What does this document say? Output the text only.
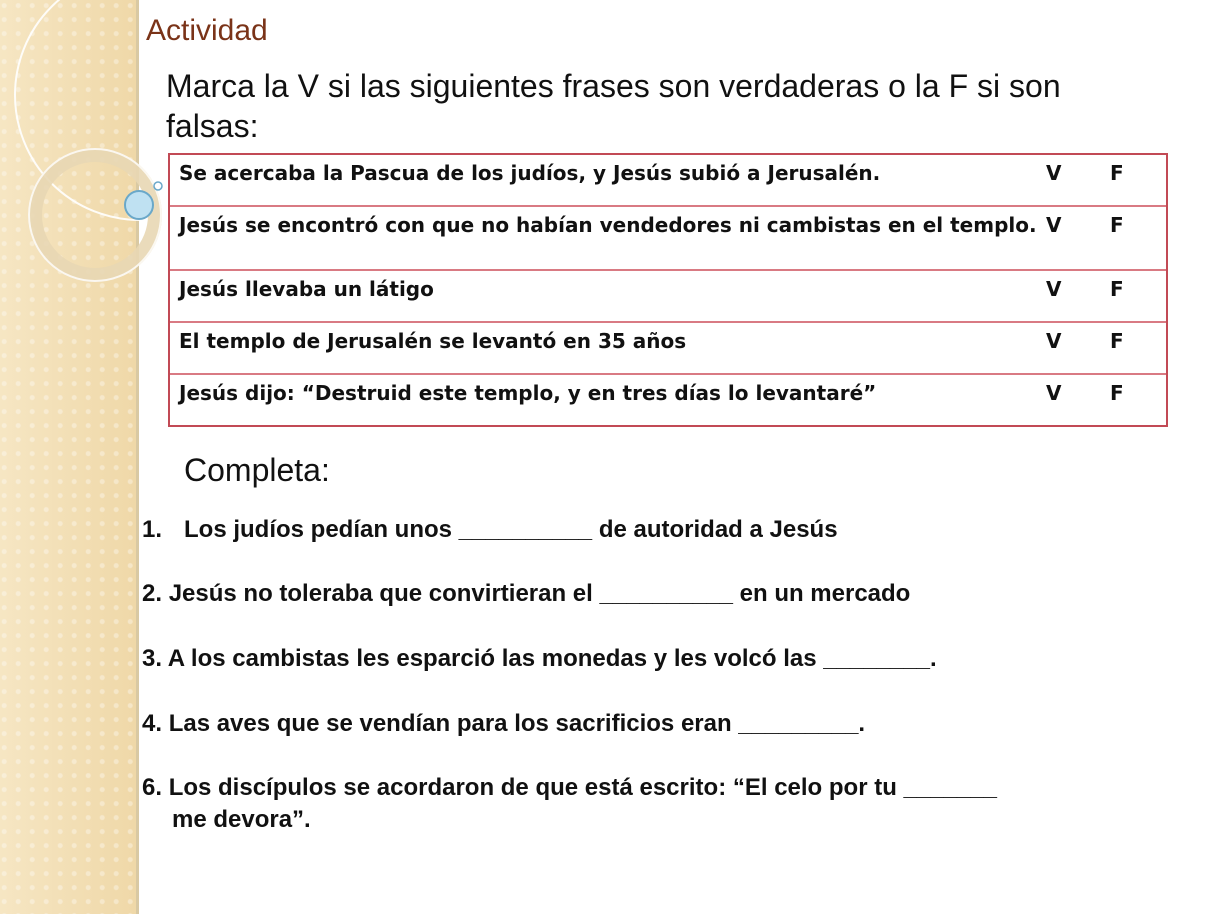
Actividad
Marca la V si las siguientes frases son verdaderas o la F si son falsas:
Se acercaba la Pascua de los judíos, y Jesús subió a Jerusalén.	V F
Jesús se encontró con que no habían vendedores ni cambistas en el templo. V F
Jesús llevaba un látigo	V F
El templo de Jerusalén se levantó en 35 años	V F
Jesús dijo: “Destruid este templo, y en tres días lo levantaré”	V F
Completa:
1. Los judíos pedían unos __________ de autoridad a Jesús
2. Jesús no toleraba que convirtieran el __________ en un mercado
3. A los cambistas les esparció las monedas y les volcó las ________.
4. Las aves que se vendían para los sacrificios eran _________.
6. Los discípulos se acordaron de que está escrito: “El celo por tu _______
me devora”.
